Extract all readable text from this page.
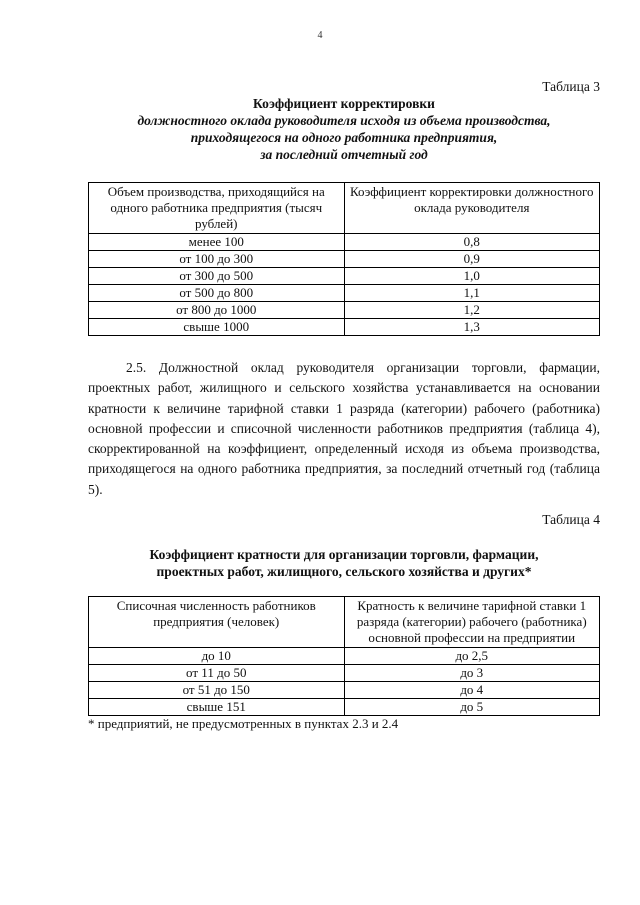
4
Таблица 3
Коэффициент корректировки
должностного оклада руководителя исходя из объема производства,
приходящегося на одного работника предприятия,
за последний отчетный год
Объем производства, приходящийся на одного работника предприятия (тысяч рублей)	Коэффициент корректировки должностного оклада руководителя
менее 100	0,8
от 100 до 300	0,9
от 300 до 500	1,0
от 500 до 800	1,1
от 800 до 1000	1,2
свыше 1000	1,3

2.5. Должностной оклад руководителя организации торговли, фармации, проектных работ, жилищного и сельского хозяйства устанавливается на основании кратности к величине тарифной ставки 1 разряда (категории) рабочего (работника) основной профессии и списочной численности работников предприятия (таблица 4), скорректированной на коэффициент, определенный исходя из объема производства, приходящегося на одного работника предприятия, за последний отчетный год (таблица 5).

Таблица 4
Коэффициент кратности для организации торговли, фармации,
проектных работ, жилищного, сельского хозяйства и других*
Списочная численность работников предприятия (человек)	Кратность к величине тарифной ставки 1 разряда (категории) рабочего (работника) основной профессии на предприятии
до 10	до 2,5
от 11 до 50	до 3
от 51 до 150	до 4
свыше 151	до 5
* предприятий, не предусмотренных в пунктах 2.3 и 2.4
